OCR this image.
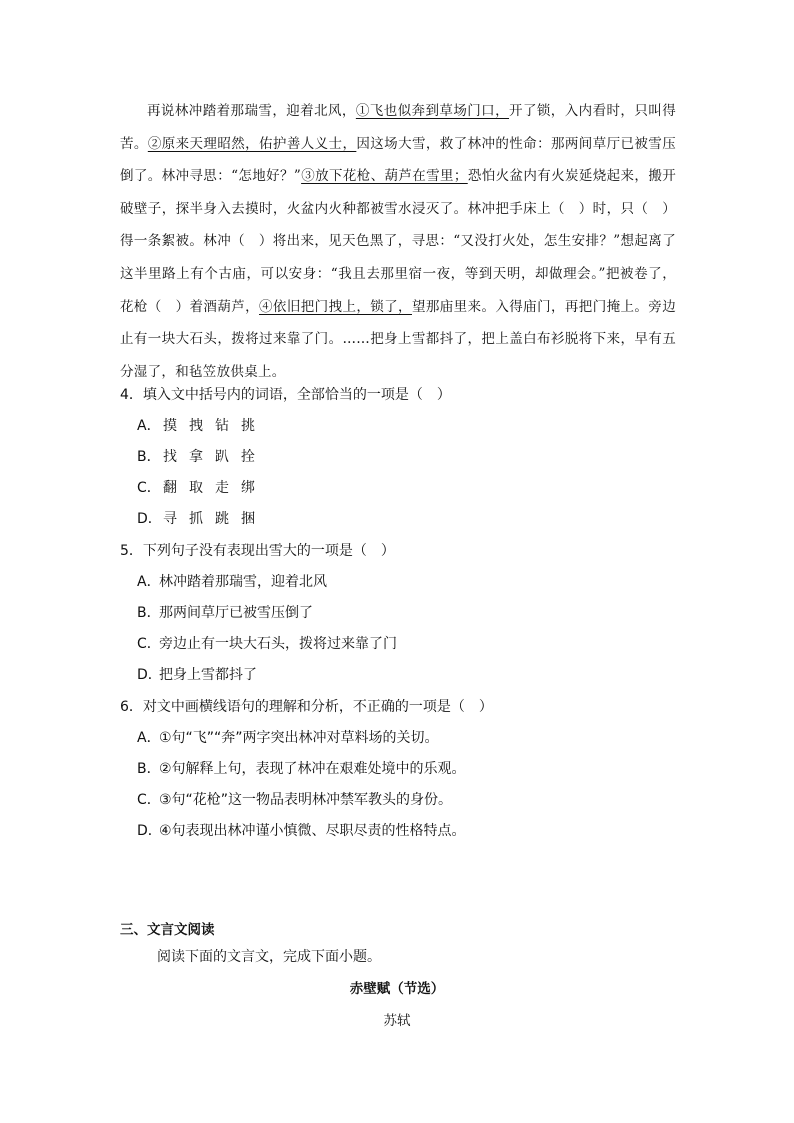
再说林冲踏着那瑞雪，迎着北风，①飞也似奔到草场门口，开了锁，入内看时，只叫得苦。②原来天理昭然，佑护善人义士，因这场大雪，救了林冲的性命：那两间草厅已被雪压倒了。林冲寻思：“怎地好？”③放下花枪、葫芦在雪里；恐怕火盆内有火炭延烧起来，搬开破壁子，探半身入去摸时，火盆内火种都被雪水浸灭了。林冲把手床上（　）时，只（　）得一条絮被。林冲（　）将出来，见天色黑了，寻思：“又没打火处，怎生安排？”想起离了这半里路上有个古庙，可以安身：“我且去那里宿一夜，等到天明，却做理会。”把被卷了，花枪（　）着酒葫芦，④依旧把门拽上，锁了，望那庙里来。入得庙门，再把门掩上。旁边止有一块大石头，拨将过来靠了门。……把身上雪都抖了，把上盖白布衫脱将下来，早有五分湿了，和毡笠放供桌上。

4．填入文中括号内的词语，全部恰当的一项是（　）
A． 摸 拽 钻 挑
B． 找 拿 趴 拴
C． 翻 取 走 绑
D．寻 抓 跳 捆
5．下列句子没有表现出雪大的一项是（　）
A．林冲踏着那瑞雪，迎着北风
B．那两间草厅已被雪压倒了
C．旁边止有一块大石头，拨将过来靠了门
D．把身上雪都抖了
6．对文中画横线语句的理解和分析，不正确的一项是（　）
A．①句“飞”“奔”两字突出林冲对草料场的关切。
B．②句解释上句，表现了林冲在艰难处境中的乐观。
C．③句“花枪”这一物品表明林冲禁军教头的身份。
D．④句表现出林冲谨小慎微、尽职尽责的性格特点。
三、文言文阅读
阅读下面的文言文，完成下面小题。
赤壁赋（节选）
苏轼
